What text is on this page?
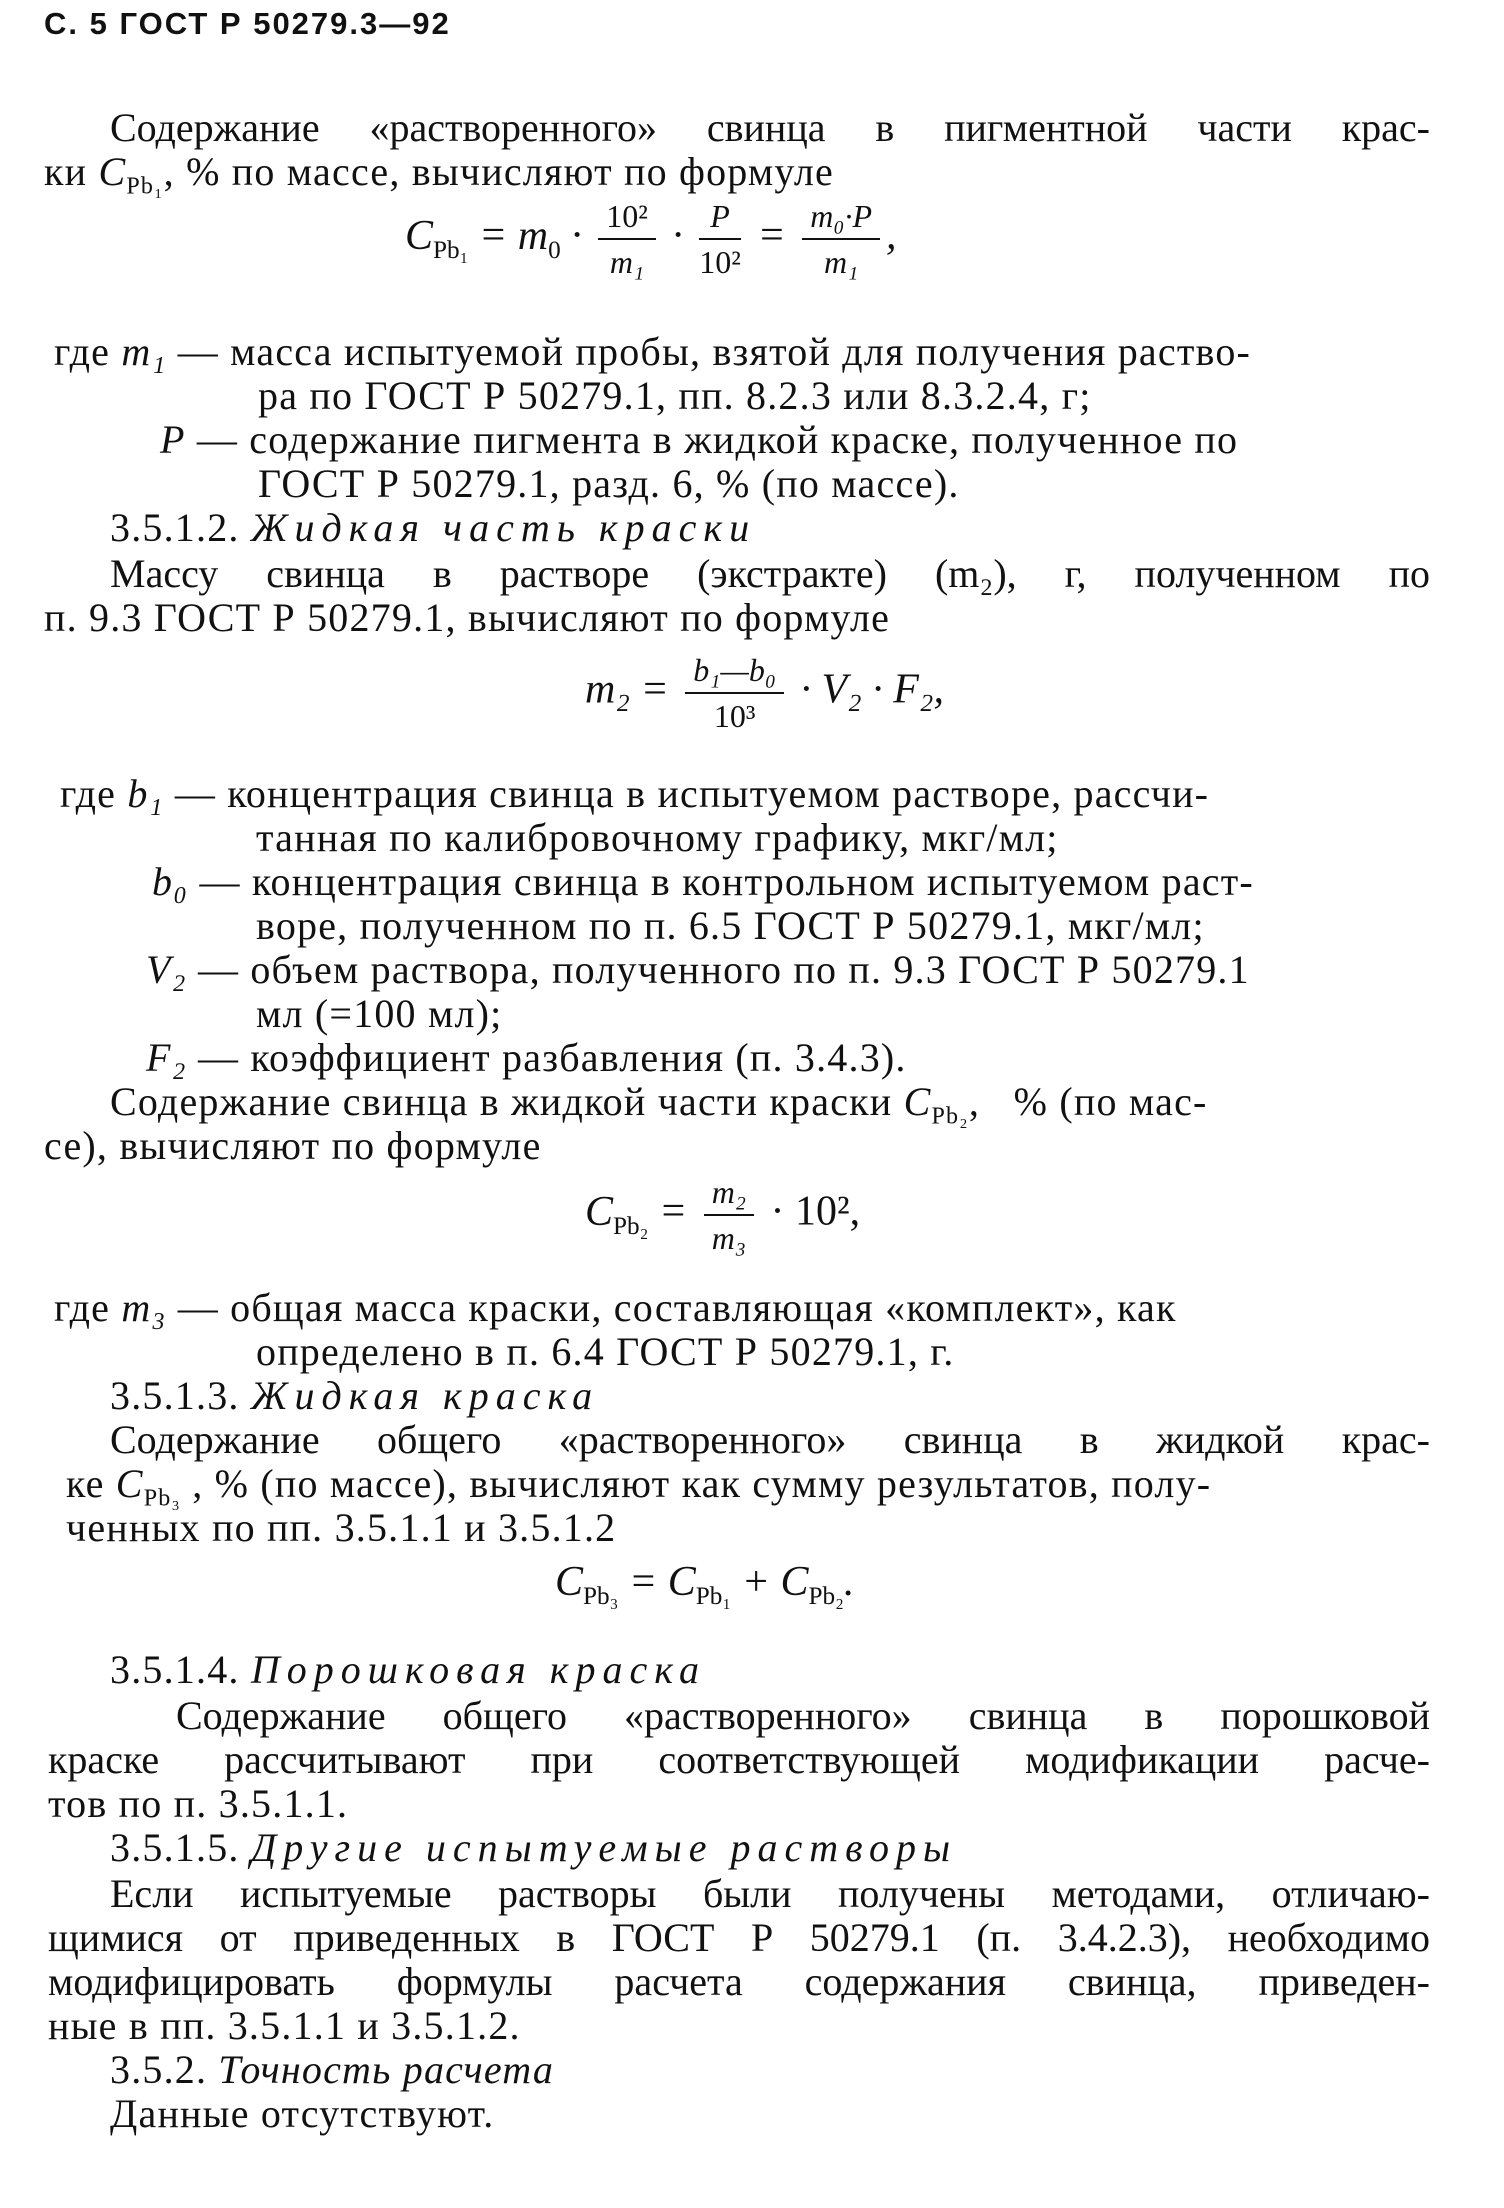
С. 5 ГОСТ Р 50279.3—92
Содержание «растворенного» свинца в пигментной части крас-
ки $C_{Pb_1}$, % по массе, вычисляют по формуле
$C_{Pb_1} = m_0 \cdot \frac{\text{10²}}{\text{m₁}} \cdot \frac{P}{\text{10²}} = \frac{\text{m₀·P}}{\text{m₁}}$ ,
где m₁ — масса испытуемой пробы, взятой для получения раство-
ра по ГОСТ Р 50279.1, пп. 8.2.3 или 8.3.2.4, г;
P — содержание пигмента в жидкой краске, полученное по
ГОСТ Р 50279.1, разд. 6, % (по массе).
3.5.1.2. Жидкая часть краски
Массу свинца в растворе (экстракте) (m₂), г, полученном по
п. 9.3 ГОСТ Р 50279.1, вычисляют по формуле
$m_2 = \frac{\text{b₁—b₀}}{\text{10³}} \cdot V_2 \cdot F_2$,
где b₁ — концентрация свинца в испытуемом растворе, рассчи-
танная по калибровочному графику, мкг/мл;
b₀ — концентрация свинца в контрольном испытуемом раст-
воре, полученном по п. 6.5 ГОСТ Р 50279.1, мкг/мл;
V₂ — объем раствора, полученного по п. 9.3 ГОСТ Р 50279.1
мл (=100 мл);
F₂ — коэффициент разбавления (п. 3.4.3).
Содержание свинца в жидкой части краски $C_{Pb_2}$,   % (по мас-
се), вычисляют по формуле
$C_{Pb_2} = \frac{\text{m₂}}{\text{m₃}} \cdot 10^2$,
где m₃ — общая масса краски, составляющая «комплект», как
определено в п. 6.4 ГОСТ Р 50279.1, г.
3.5.1.3. Жидкая краска
Содержание общего «растворенного» свинца в жидкой крас-
ке $C_{Pb_3}$ , % (по массе), вычисляют как сумму результатов, полу-
ченных по пп. 3.5.1.1 и 3.5.1.2
$C_{Pb_3} = C_{Pb_1} + C_{Pb_2}$.
3.5.1.4. Порошковая краска
Содержание общего «растворенного» свинца в порошковой
краске рассчитывают при соответствующей модификации расче-
тов по п. 3.5.1.1.
3.5.1.5. Другие испытуемые растворы
Если испытуемые растворы были получены методами, отличаю-
щимися от приведенных в ГОСТ Р 50279.1 (п. 3.4.2.3), необходимо
модифицировать формулы расчета содержания свинца, приведен-
ные в пп. 3.5.1.1 и 3.5.1.2.
3.5.2. Точность расчета
Данные отсутствуют.
